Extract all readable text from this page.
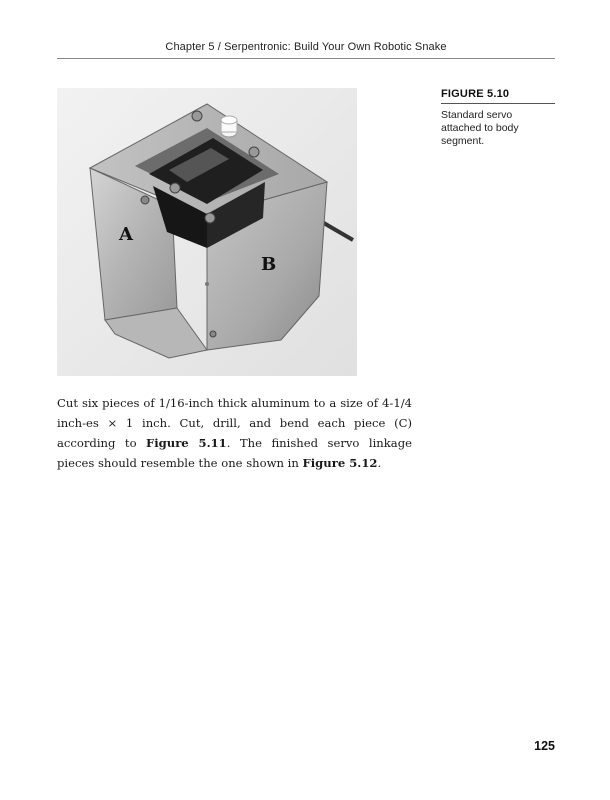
Chapter 5 / Serpentronic: Build Your Own Robotic Snake
A
B
FIGURE 5.10
Standard servo attached to body segment.

Cut six pieces of 1/16-inch thick aluminum to a size of 4-1/4 inch-es × 1 inch. Cut, drill, and bend each piece (C) according to Figure 5.11. The finished servo linkage pieces should resemble the one shown in Figure 5.12.

125
